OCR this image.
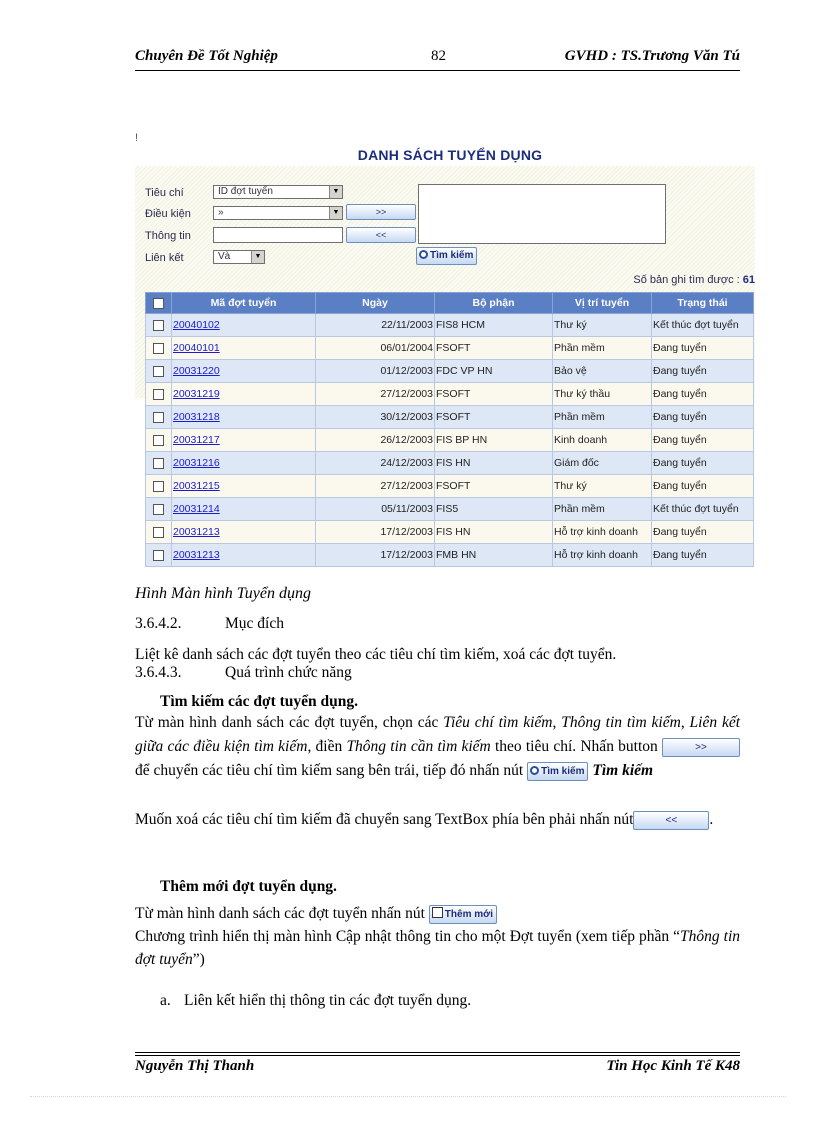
Chuyên Đề Tốt Nghiệp	82	GVHD : TS.Trương Văn Tú
!
DANH SÁCH TUYỂN DỤNG
Tiêu chí	ID đợt tuyển	▼
Điều kiện	»	▼	>>
Thông tin	<<
Liên kết	Và	▼	Tìm kiếm
Số bản ghi tìm được : 61
	Mã đợt tuyển	Ngày	Bộ phận	Vị trí tuyển	Trạng thái
	20040102	22/11/2003	FIS8 HCM	Thư ký	Kết thúc đợt tuyển
	20040101	06/01/2004	FSOFT	Phần mềm	Đang tuyển
	20031220	01/12/2003	FDC VP HN	Bảo vệ	Đang tuyển
	20031219	27/12/2003	FSOFT	Thư ký thầu	Đang tuyển
	20031218	30/12/2003	FSOFT	Phần mềm	Đang tuyển
	20031217	26/12/2003	FIS BP HN	Kinh doanh	Đang tuyển
	20031216	24/12/2003	FIS HN	Giám đốc	Đang tuyển
	20031215	27/12/2003	FSOFT	Thư ký	Đang tuyển
	20031214	05/11/2003	FIS5	Phần mềm	Kết thúc đợt tuyển
	20031213	17/12/2003	FIS HN	Hỗ trợ kinh doanh	Đang tuyển
	20031213	17/12/2003	FMB HN	Hỗ trợ kinh doanh	Đang tuyển
Hình Màn hình Tuyển dụng
3.6.4.2.	Mục đích
Liệt kê danh sách các đợt tuyển theo các tiêu chí tìm kiếm, xoá các đợt tuyển.
3.6.4.3.	Quá trình chức năng
Tìm kiếm các đợt tuyển dụng.
Từ màn hình danh sách các đợt tuyển, chọn các Tiêu chí tìm kiếm, Thông tin tìm kiếm, Liên kết giữa các điều kiện tìm kiếm, điền Thông tin cần tìm kiếm theo tiêu chí. Nhấn button	>> để chuyển các tiêu chí tìm kiếm sang bên trái, tiếp đó nhấn nút Tìm kiếm Tìm kiếm
Muốn xoá các tiêu chí tìm kiếm đã chuyển sang TextBox phía bên phải nhấn nút	<< .
Thêm mới đợt tuyển dụng.
Từ màn hình danh sách các đợt tuyển nhấn nút Thêm mới
Chương trình hiển thị màn hình Cập nhật thông tin cho một Đợt tuyển (xem tiếp phần “Thông tin đợt tuyển”)
a. Liên kết hiển thị thông tin các đợt tuyển dụng.
Nguyễn Thị Thanh	Tin Học Kinh Tế K48
